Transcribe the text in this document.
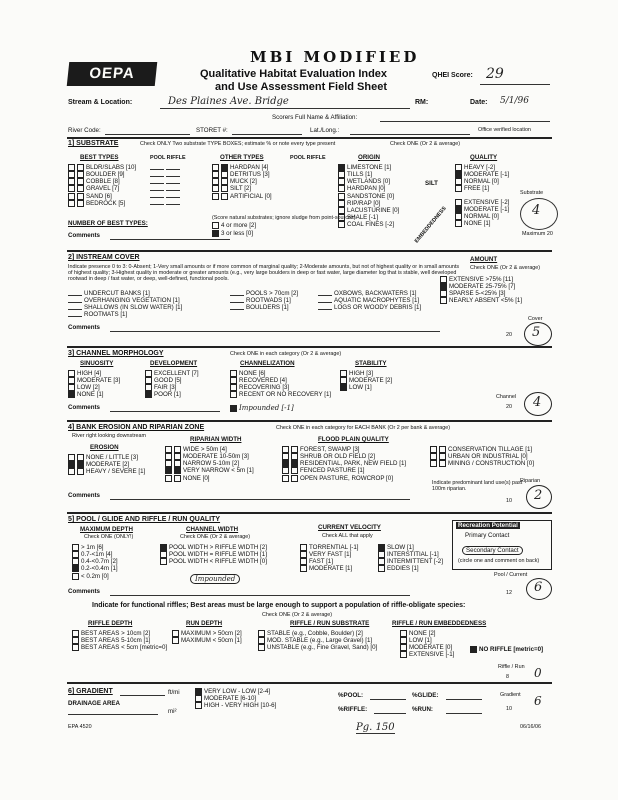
OEPA
MBI MODIFIED
Qualitative Habitat Evaluation Index
and Use Assessment Field Sheet
QHEI Score: 29
Stream & Location:	Des Plaines Ave. Bridge	RM:	Date: 5/1/96
Scorers Full Name & Affiliation:
River Code:	STORET #:	Lat./Long.:	Office verified location
1] SUBSTRATE	Check ONLY Two substrate TYPE BOXES; estimate % or note every type present	Check ONE (Or 2 & average)
BEST TYPES	POOL RIFFLE	OTHER TYPES	POOL RIFFLE	ORIGIN	QUALITY
BLDR/SLABS [10]
BOULDER [9]
COBBLE [8]
GRAVEL [7]
SAND [6]
BEDROCK [5]
HARDPAN [4]
DETRITUS [3]
MUCK [2]
SILT [2]
ARTIFICIAL [0]
LIMESTONE [1]
TILLS [1]
WETLANDS [0]
HARDPAN [0]
SANDSTONE [0]
RIP/RAP [0]
LACUSTURINE [0]
SHALE [-1]
COAL FINES [-2]
SILT
EMBEDDEDNESS
HEAVY [-2]
MODERATE [-1]
NORMAL [0]
FREE [1]
EXTENSIVE [-2]
MODERATE [-1]
NORMAL [0]
NONE [1]
NUMBER OF BEST TYPES:
(Score natural substrates; ignore sludge from point-sources)
4 or more [2]
3 or less [0]
Comments
Substrate
4
Maximum 20
2] INSTREAM COVER
Indicate presence 0 to 3: 0-Absent; 1-Very small amounts or if more common of marginal quality; 2-Moderate amounts, but not of highest quality or in small amounts of highest quality; 3-Highest quality in moderate or greater amounts (e.g., very large boulders in deep or fast water, large diameter log that is stable, well developed rootwad in deep / fast water, or deep, well-defined, functional pools.
AMOUNT
Check ONE (Or 2 & average)
UNDERCUT BANKS [1]
OVERHANGING VEGETATION [1]
SHALLOWS (IN SLOW WATER) [1]
ROOTMATS [1]
POOLS > 70cm [2]
ROOTWADS [1]
BOULDERS [1]
OXBOWS, BACKWATERS [1]
AQUATIC MACROPHYTES [1]
LOGS OR WOODY DEBRIS [1]
EXTENSIVE >75% [11]
MODERATE 25-75% [7]
SPARSE 5-<25% [3]
NEARLY ABSENT <5% [1]
Comments
Cover
5
20
3] CHANNEL MORPHOLOGY	Check ONE in each category (Or 2 & average)
SINUOSITY	DEVELOPMENT	CHANNELIZATION	STABILITY
HIGH [4]
MODERATE [3]
LOW [2]
NONE [1]
EXCELLENT [7]
GOOD [5]
FAIR [3]
POOR [1]
NONE [6]
RECOVERED [4]
RECOVERING [3]
RECENT OR NO RECOVERY [1]
Impounded [-1]
HIGH [3]
MODERATE [2]
LOW [1]
Comments
Channel 4
20
4] BANK EROSION AND RIPARIAN ZONE	Check ONE in each category for EACH BANK (Or 2 per bank & average)
River right looking downstream
EROSION
RIPARIAN WIDTH	FLOOD PLAIN QUALITY
NONE / LITTLE [3]
MODERATE [2]
HEAVY / SEVERE [1]
WIDE > 50m [4]
MODERATE 10-50m [3]
NARROW 5-10m [2]
VERY NARROW < 5m [1]
NONE [0]
FOREST, SWAMP [3]
SHRUB OR OLD FIELD [2]
RESIDENTIAL, PARK, NEW FIELD [1]
FENCED PASTURE [1]
OPEN PASTURE, ROWCROP [0]
CONSERVATION TILLAGE [1]
URBAN OR INDUSTRIAL [0]
MINING / CONSTRUCTION [0]
Indicate predominant land use(s) past 100m riparian.
Comments
Riparian
2
10
5] POOL / GLIDE AND RIFFLE / RUN QUALITY
MAXIMUM DEPTH
Check ONE (ONLY!)
CHANNEL WIDTH
Check ONE (Or 2 & average)
CURRENT VELOCITY
Check ALL that apply
> 1m [6]
0.7-<1m [4]
0.4-<0.7m [2]
0.2-<0.4m [1]
< 0.2m [0]
POOL WIDTH > RIFFLE WIDTH [2]
POOL WIDTH = RIFFLE WIDTH [1]
POOL WIDTH < RIFFLE WIDTH [0]
Impounded
TORRENTIAL [-1]
VERY FAST [1]
FAST [1]
MODERATE [1]
SLOW [1]
INTERSTITIAL [-1]
INTERMITTENT [-2]
EDDIES [1]
Recreation Potential
Primary Contact
Secondary Contact
(circle one and comment on back)
Comments
Pool / Current
6
12
Indicate for functional riffles; Best areas must be large enough to support a population of riffle-obligate species:
Check ONE (Or 2 & average)
RIFFLE DEPTH	RUN DEPTH	RIFFLE / RUN SUBSTRATE	RIFFLE / RUN EMBEDDEDNESS
BEST AREAS > 10cm [2]
BEST AREAS 5-10cm [1]
BEST AREAS < 5cm [metric=0]
MAXIMUM > 50cm [2]
MAXIMUM < 50cm [1]
STABLE (e.g., Cobble, Boulder) [2]
MOD. STABLE (e.g., Large Gravel) [1]
UNSTABLE (e.g., Fine Gravel, Sand) [0]
NONE [2]
LOW [1]
MODERATE [0]
EXTENSIVE [-1]
NO RIFFLE [metric=0]
Riffle / Run 0
8
6] GRADIENT	ft/mi	VERY LOW - LOW [2-4]
MODERATE [6-10]
HIGH - VERY HIGH [10-6]
DRAINAGE AREA
mi²
%POOL:	%GLIDE:
%RIFFLE:	%RUN:
Gradient 6
10
EPA 4520	Pg. 150	06/16/06
